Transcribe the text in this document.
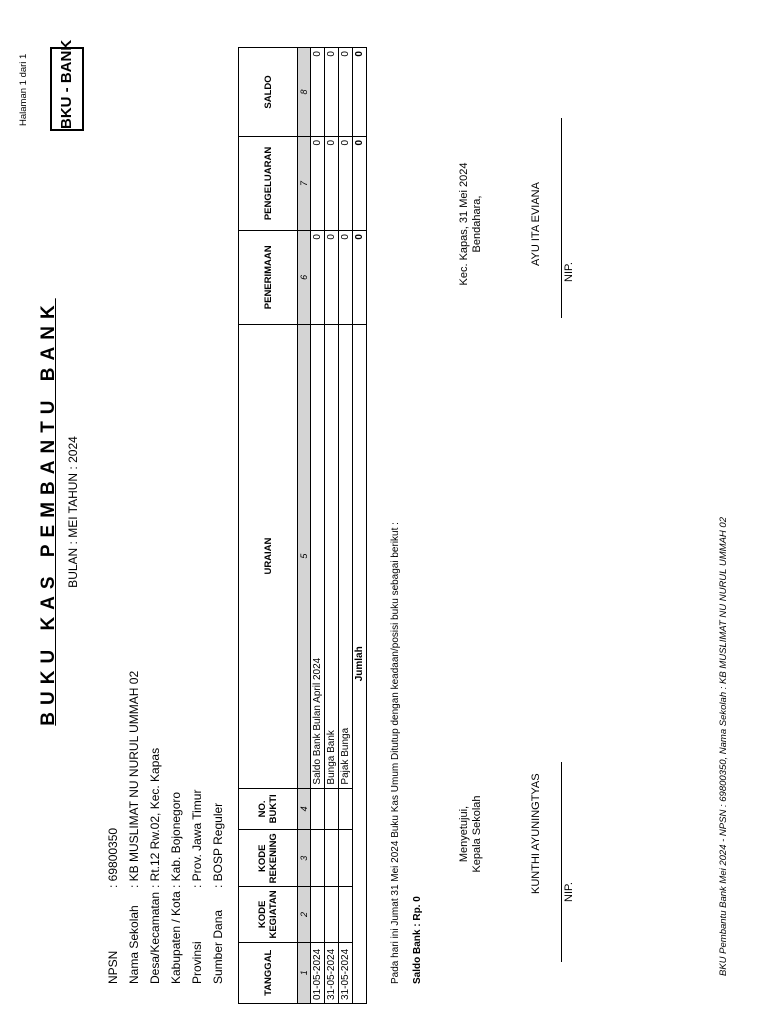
BUKU KAS PEMBANTU BANK BULAN : MEI TAHUN : 2024
BKU - BANK
NPSN
: 69800350
Nama Sekolah
: KB MUSLIMAT NU NURUL UMMAH 02
Desa/Kecamatan
: Rt.12 Rw.02, Kec. Kapas
Kabupaten / Kota
: Kab. Bojonegoro
Provinsi
: Prov. Jawa Timur
Sumber Dana
: BOSP Reguler
TANGGAL	KODE KEGIATAN	KODE REKENING	NO. BUKTI	URAIAN	PENERIMAAN	PENGELUARAN	SALDO
1	2	3	4	5	6	7	8
01-05-2024				Saldo Bank Bulan April 2024	0	0	0
31-05-2024				Bunga Bank	0	0	0
31-05-2024				Pajak Bunga	0	0	0
Jumlah					0	0	0
Pada hari ini Jumat 31 Mei 2024 Buku Kas Umum Ditutup dengan keadaan/posisi buku sebagai berikut : Saldo Bank : Rp. 0
Menyetujui, Kepala Sekolah	KUNTHI AYUNINGTYAS NIP.
Kec. Kapas, 31 Mei 2024 Bendahara,	AYU ITA EVIANA
NIP.
BKU Pembantu Bank Mei 2024 - NPSN : 69800350, Nama Sekolah : KB MUSLIMAT NU NURUL UMMAH 02
Halaman 1 dari 1
